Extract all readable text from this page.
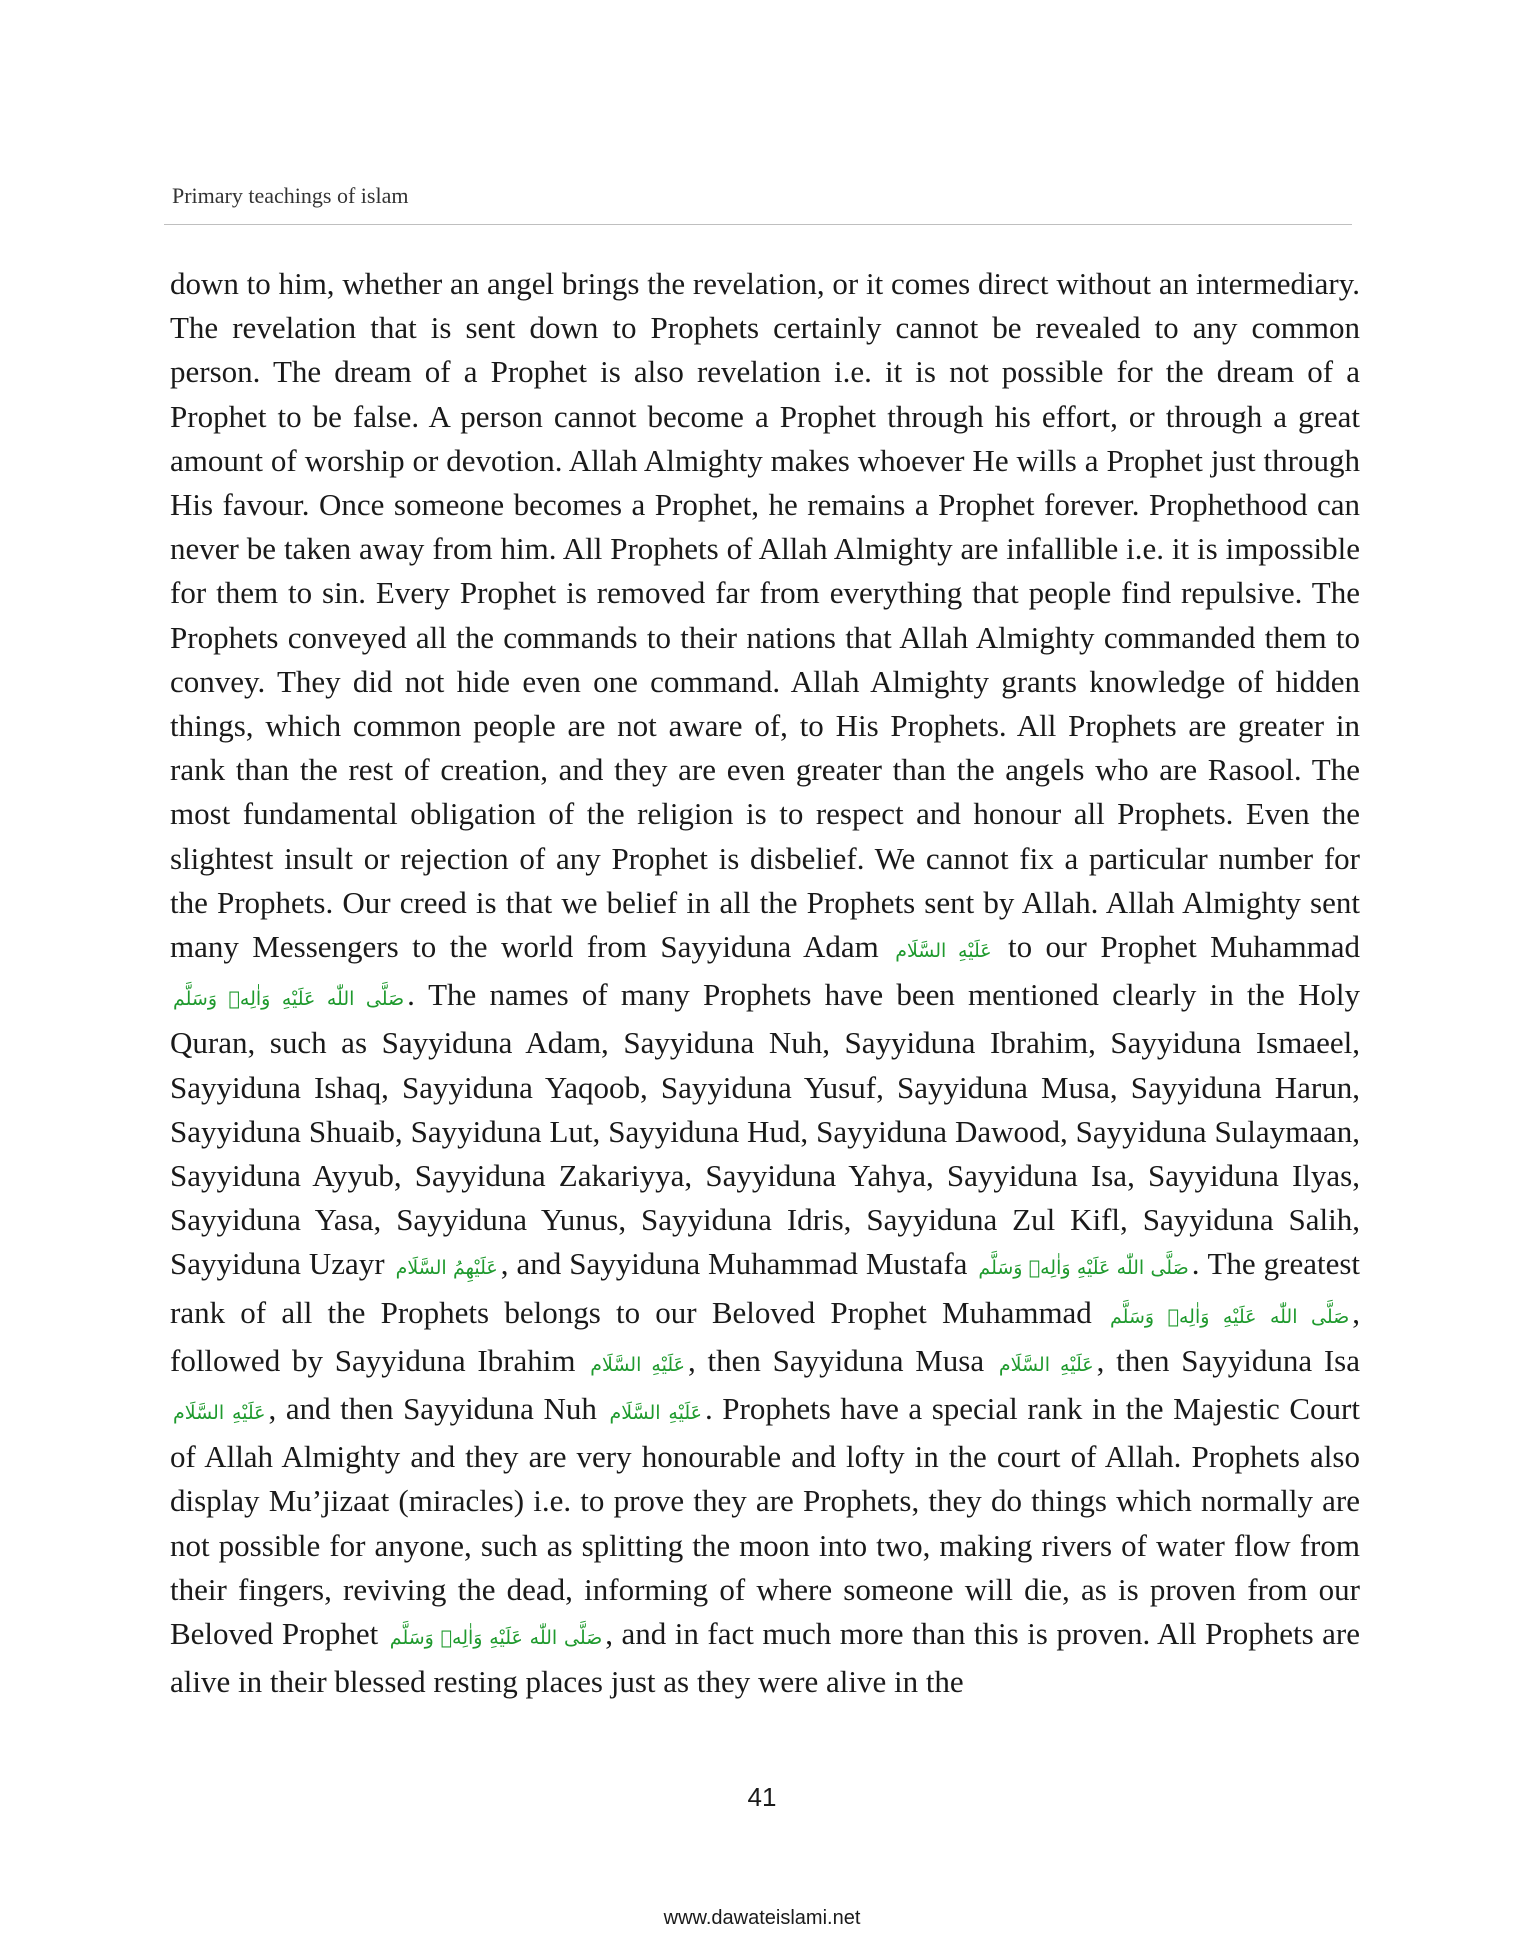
Primary teachings of islam
down to him, whether an angel brings the revelation, or it comes direct without an intermediary. The revelation that is sent down to Prophets certainly cannot be revealed to any common person. The dream of a Prophet is also revelation i.e. it is not possible for the dream of a Prophet to be false. A person cannot become a Prophet through his effort, or through a great amount of worship or devotion. Allah Almighty makes whoever He wills a Prophet just through His favour. Once someone becomes a Prophet, he remains a Prophet forever. Prophethood can never be taken away from him. All Prophets of Allah Almighty are infallible i.e. it is impossible for them to sin. Every Prophet is removed far from everything that people find repulsive. The Prophets conveyed all the commands to their nations that Allah Almighty commanded them to convey. They did not hide even one command. Allah Almighty grants knowledge of hidden things, which common people are not aware of, to His Prophets. All Prophets are greater in rank than the rest of creation, and they are even greater than the angels who are Rasool. The most fundamental obligation of the religion is to respect and honour all Prophets. Even the slightest insult or rejection of any Prophet is disbelief. We cannot fix a particular number for the Prophets. Our creed is that we belief in all the Prophets sent by Allah. Allah Almighty sent many Messengers to the world from Sayyiduna Adam عَلَيْهِ السَّلَام to our Prophet Muhammad صَلَّى اللّٰه عَلَيْهِ وَاٰلِهٖ وَسَلَّم. The names of many Prophets have been mentioned clearly in the Holy Quran, such as Sayyiduna Adam, Sayyiduna Nuh, Sayyiduna Ibrahim, Sayyiduna Ismaeel, Sayyiduna Ishaq, Sayyiduna Yaqoob, Sayyiduna Yusuf, Sayyiduna Musa, Sayyiduna Harun, Sayyiduna Shuaib, Sayyiduna Lut, Sayyiduna Hud, Sayyiduna Dawood, Sayyiduna Sulaymaan, Sayyiduna Ayyub, Sayyiduna Zakariyya, Sayyiduna Yahya, Sayyiduna Isa, Sayyiduna Ilyas, Sayyiduna Yasa, Sayyiduna Yunus, Sayyiduna Idris, Sayyiduna Zul Kifl, Sayyiduna Salih, Sayyiduna Uzayr عَلَيْهِمُ السَّلَام, and Sayyiduna Muhammad Mustafa صَلَّى اللّٰه عَلَيْهِ وَاٰلِهٖ وَسَلَّم. The greatest rank of all the Prophets belongs to our Beloved Prophet Muhammad صَلَّى اللّٰه عَلَيْهِ وَاٰلِهٖ وَسَلَّم, followed by Sayyiduna Ibrahim عَلَيْهِ السَّلَام, then Sayyiduna Musa عَلَيْهِ السَّلَام, then Sayyiduna Isa عَلَيْهِ السَّلَام, and then Sayyiduna Nuh عَلَيْهِ السَّلَام. Prophets have a special rank in the Majestic Court of Allah Almighty and they are very honourable and lofty in the court of Allah. Prophets also display Mu’jizaat (miracles) i.e. to prove they are Prophets, they do things which normally are not possible for anyone, such as splitting the moon into two, making rivers of water flow from their fingers, reviving the dead, informing of where someone will die, as is proven from our Beloved Prophet صَلَّى اللّٰه عَلَيْهِ وَاٰلِهٖ وَسَلَّم, and in fact much more than this is proven. All Prophets are alive in their blessed resting places just as they were alive in the
41
www.dawateislami.net
